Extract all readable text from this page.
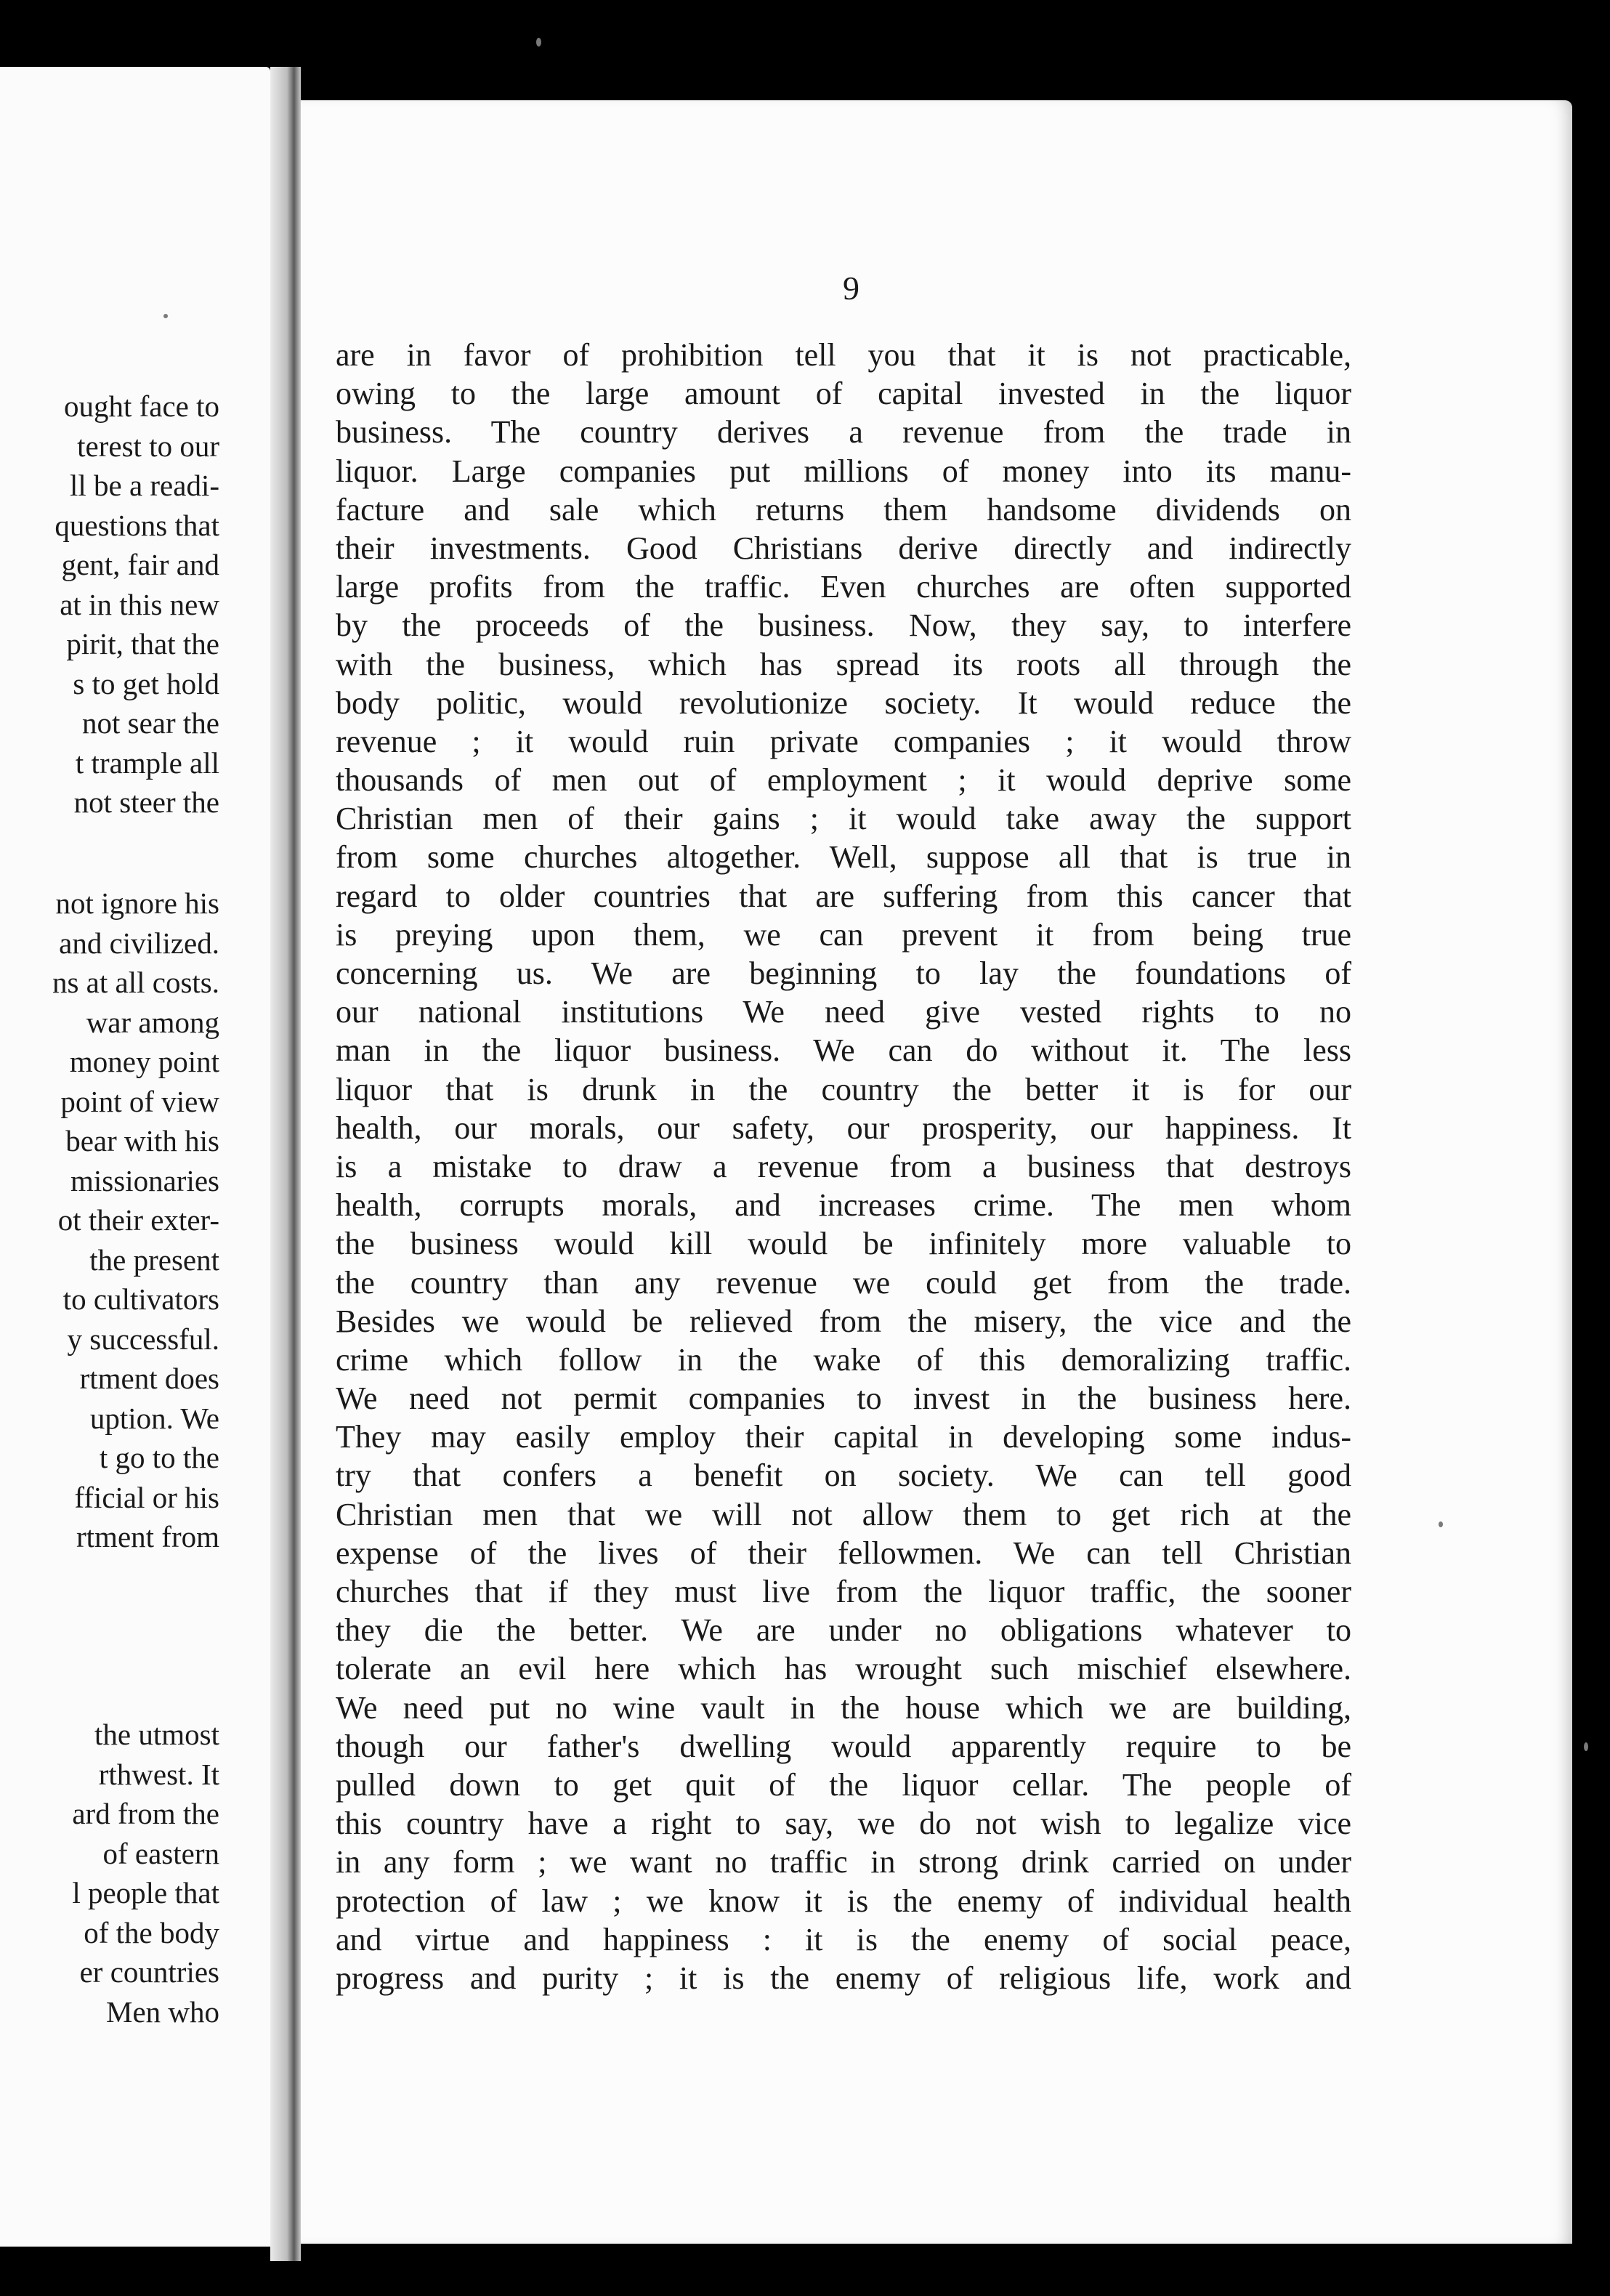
ought face to
terest to our
ll be a readi-
questions that
gent, fair and
at in this new
pirit, that the
s to get hold
not sear the
t trample all
not steer the
not ignore his
and civilized.
ns at all costs.
war among
money point
point of view
bear with his
missionaries
ot their exter-
the present
to cultivators
y successful.
rtment does
uption. We
t go to the
fficial or his
rtment from
the utmost
rthwest. It
ard from the
of eastern
l people that
of the body
er countries
Men who
9
are in favor of prohibition tell you that it is not practicable,
owing to the large amount of capital invested in the liquor
business. The country derives a revenue from the trade in
liquor. Large companies put millions of money into its manu-
facture and sale which returns them handsome dividends on
their investments. Good Christians derive directly and indirectly
large profits from the traffic. Even churches are often supported
by the proceeds of the business. Now, they say, to interfere
with the business, which has spread its roots all through the
body politic, would revolutionize society. It would reduce the
revenue ; it would ruin private companies ; it would throw
thousands of men out of employment ; it would deprive some
Christian men of their gains ; it would take away the support
from some churches altogether. Well, suppose all that is true in
regard to older countries that are suffering from this cancer that
is preying upon them, we can prevent it from being true
concerning us. We are beginning to lay the foundations of
our national institutions We need give vested rights to no
man in the liquor business. We can do without it. The less
liquor that is drunk in the country the better it is for our
health, our morals, our safety, our prosperity, our happiness. It
is a mistake to draw a revenue from a business that destroys
health, corrupts morals, and increases crime. The men whom
the business would kill would be infinitely more valuable to
the country than any revenue we could get from the trade.
Besides we would be relieved from the misery, the vice and the
crime which follow in the wake of this demoralizing traffic.
We need not permit companies to invest in the business here.
They may easily employ their capital in developing some indus-
try that confers a benefit on society. We can tell good
Christian men that we will not allow them to get rich at the
expense of the lives of their fellowmen. We can tell Christian
churches that if they must live from the liquor traffic, the sooner
they die the better. We are under no obligations whatever to
tolerate an evil here which has wrought such mischief elsewhere.
We need put no wine vault in the house which we are building,
though our father's dwelling would apparently require to be
pulled down to get quit of the liquor cellar. The people of
this country have a right to say, we do not wish to legalize vice
in any form ; we want no traffic in strong drink carried on under
protection of law ; we know it is the enemy of individual health
and virtue and happiness : it is the enemy of social peace,
progress and purity ; it is the enemy of religious life, work and
